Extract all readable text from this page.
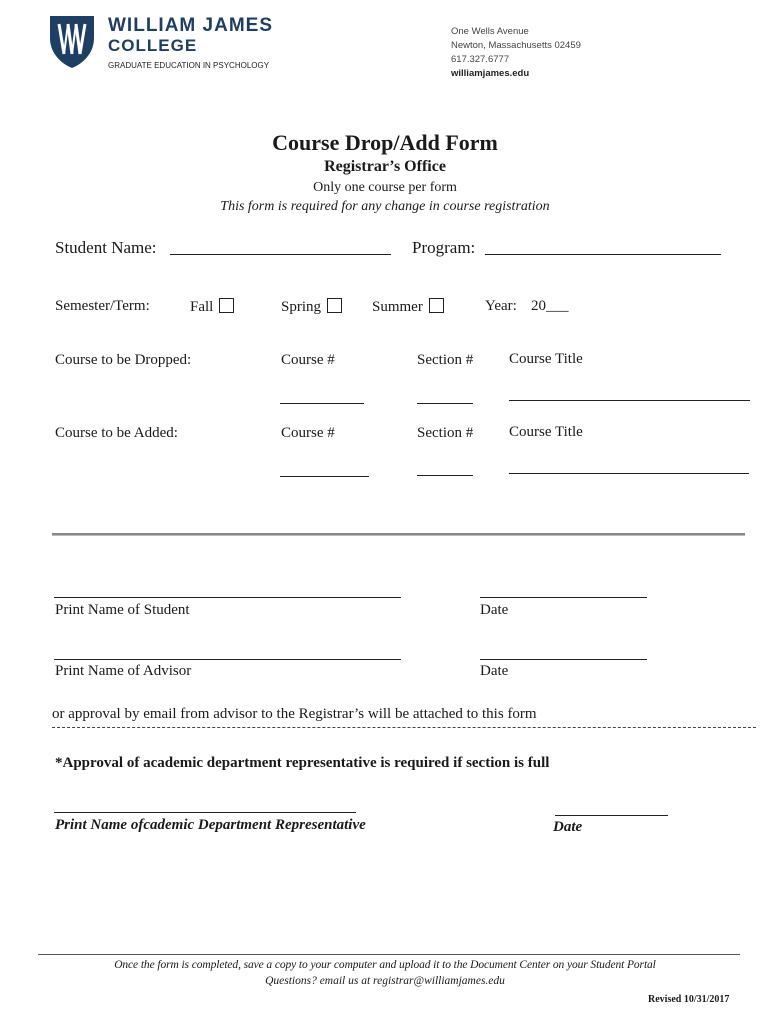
WILLIAM JAMES
COLLEGE
GRADUATE EDUCATION IN PSYCHOLOGY
One Wells Avenue
Newton, Massachusetts 02459
617.327.6777
williamjames.edu
Course Drop/Add Form
Registrar’s Office
Only one course per form
This form is required for any change in course registration
Student Name:	Program:
Semester/Term:	Fall	Spring	Summer	Year: 20___
Course to be Dropped:	Course #	Section # Course Title
Course to be Added:	Course #	Section # Course Title
Print Name of Student	Date
Print Name of Advisor	Date
or approval by email from advisor to the Registrar’s will be attached to this form
*Approval of academic department representative is required if section is full
Print Name ofcademic Department Representative	Date
Once the form is completed, save a copy to your computer and upload it to the Document Center on your Student Portal
Questions? email us at registrar@williamjames.edu
Revised 10/31/2017
